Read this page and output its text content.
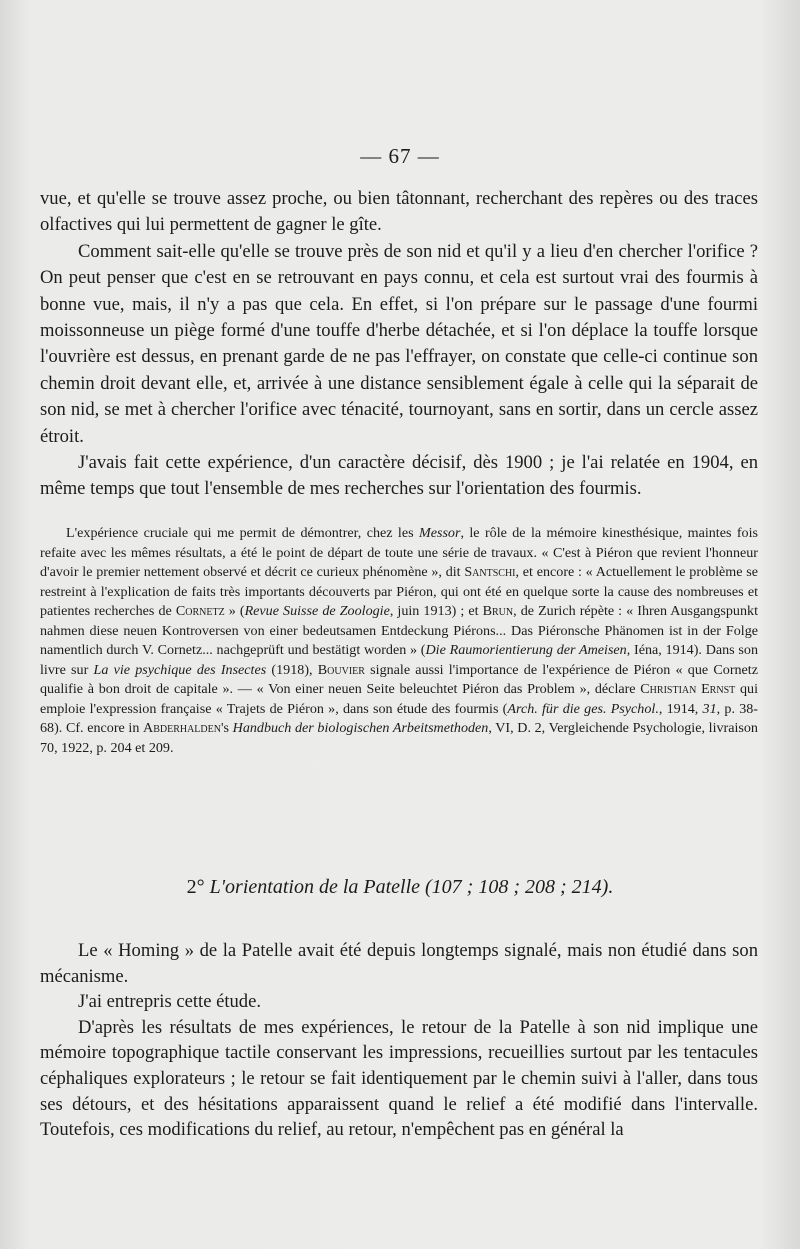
— 67 —

vue, et qu'elle se trouve assez proche, ou bien tâtonnant, recherchant des repères ou des traces olfactives qui lui permettent de gagner le gîte.

Comment sait-elle qu'elle se trouve près de son nid et qu'il y a lieu d'en chercher l'orifice ? On peut penser que c'est en se retrouvant en pays connu, et cela est surtout vrai des fourmis à bonne vue, mais, il n'y a pas que cela. En effet, si l'on prépare sur le passage d'une fourmi moissonneuse un piège formé d'une touffe d'herbe détachée, et si l'on déplace la touffe lorsque l'ouvrière est dessus, en prenant garde de ne pas l'effrayer, on constate que celle-ci continue son chemin droit devant elle, et, arrivée à une distance sensiblement égale à celle qui la séparait de son nid, se met à chercher l'orifice avec ténacité, tournoyant, sans en sortir, dans un cercle assez étroit.

J'avais fait cette expérience, d'un caractère décisif, dès 1900 ; je l'ai relatée en 1904, en même temps que tout l'ensemble de mes recherches sur l'orientation des fourmis.

L'expérience cruciale qui me permit de démontrer, chez les Messor, le rôle de la mémoire kinesthésique, maintes fois refaite avec les mêmes résultats, a été le point de départ de toute une série de travaux. « C'est à Piéron que revient l'honneur d'avoir le premier nettement observé et décrit ce curieux phénomène », dit Santschi, et encore : « Actuellement le problème se restreint à l'explication de faits très importants découverts par Piéron, qui ont été en quelque sorte la cause des nombreuses et patientes recherches de Cornetz » (Revue Suisse de Zoologie, juin 1913) ; et Brun, de Zurich répète : « Ihren Ausgangspunkt nahmen diese neuen Kontroversen von einer bedeutsamen Entdeckung Piérons... Das Piéronsche Phänomen ist in der Folge namentlich durch V. Cornetz... nachgeprüft und bestätigt worden » (Die Raumorientierung der Ameisen, Iéna, 1914). Dans son livre sur La vie psychique des Insectes (1918), Bouvier signale aussi l'importance de l'expérience de Piéron « que Cornetz qualifie à bon droit de capitale ». — « Von einer neuen Seite beleuchtet Piéron das Problem », déclare Christian Ernst qui emploie l'expression française « Trajets de Piéron », dans son étude des fourmis (Arch. für die ges. Psychol., 1914, 31, p. 38-68). Cf. encore in Abderhalden's Handbuch der biologischen Arbeitsmethoden, VI, D. 2, Vergleichende Psychologie, livraison 70, 1922, p. 204 et 209.

2° L'orientation de la Patelle (107 ; 108 ; 208 ; 214).

Le « Homing » de la Patelle avait été depuis longtemps signalé, mais non étudié dans son mécanisme.

J'ai entrepris cette étude.

D'après les résultats de mes expériences, le retour de la Patelle à son nid implique une mémoire topographique tactile conservant les impressions, recueillies surtout par les tentacules céphaliques explorateurs ; le retour se fait identiquement par le chemin suivi à l'aller, dans tous ses détours, et des hésitations apparaissent quand le relief a été modifié dans l'intervalle. Toutefois, ces modifications du relief, au retour, n'empêchent pas en général la
